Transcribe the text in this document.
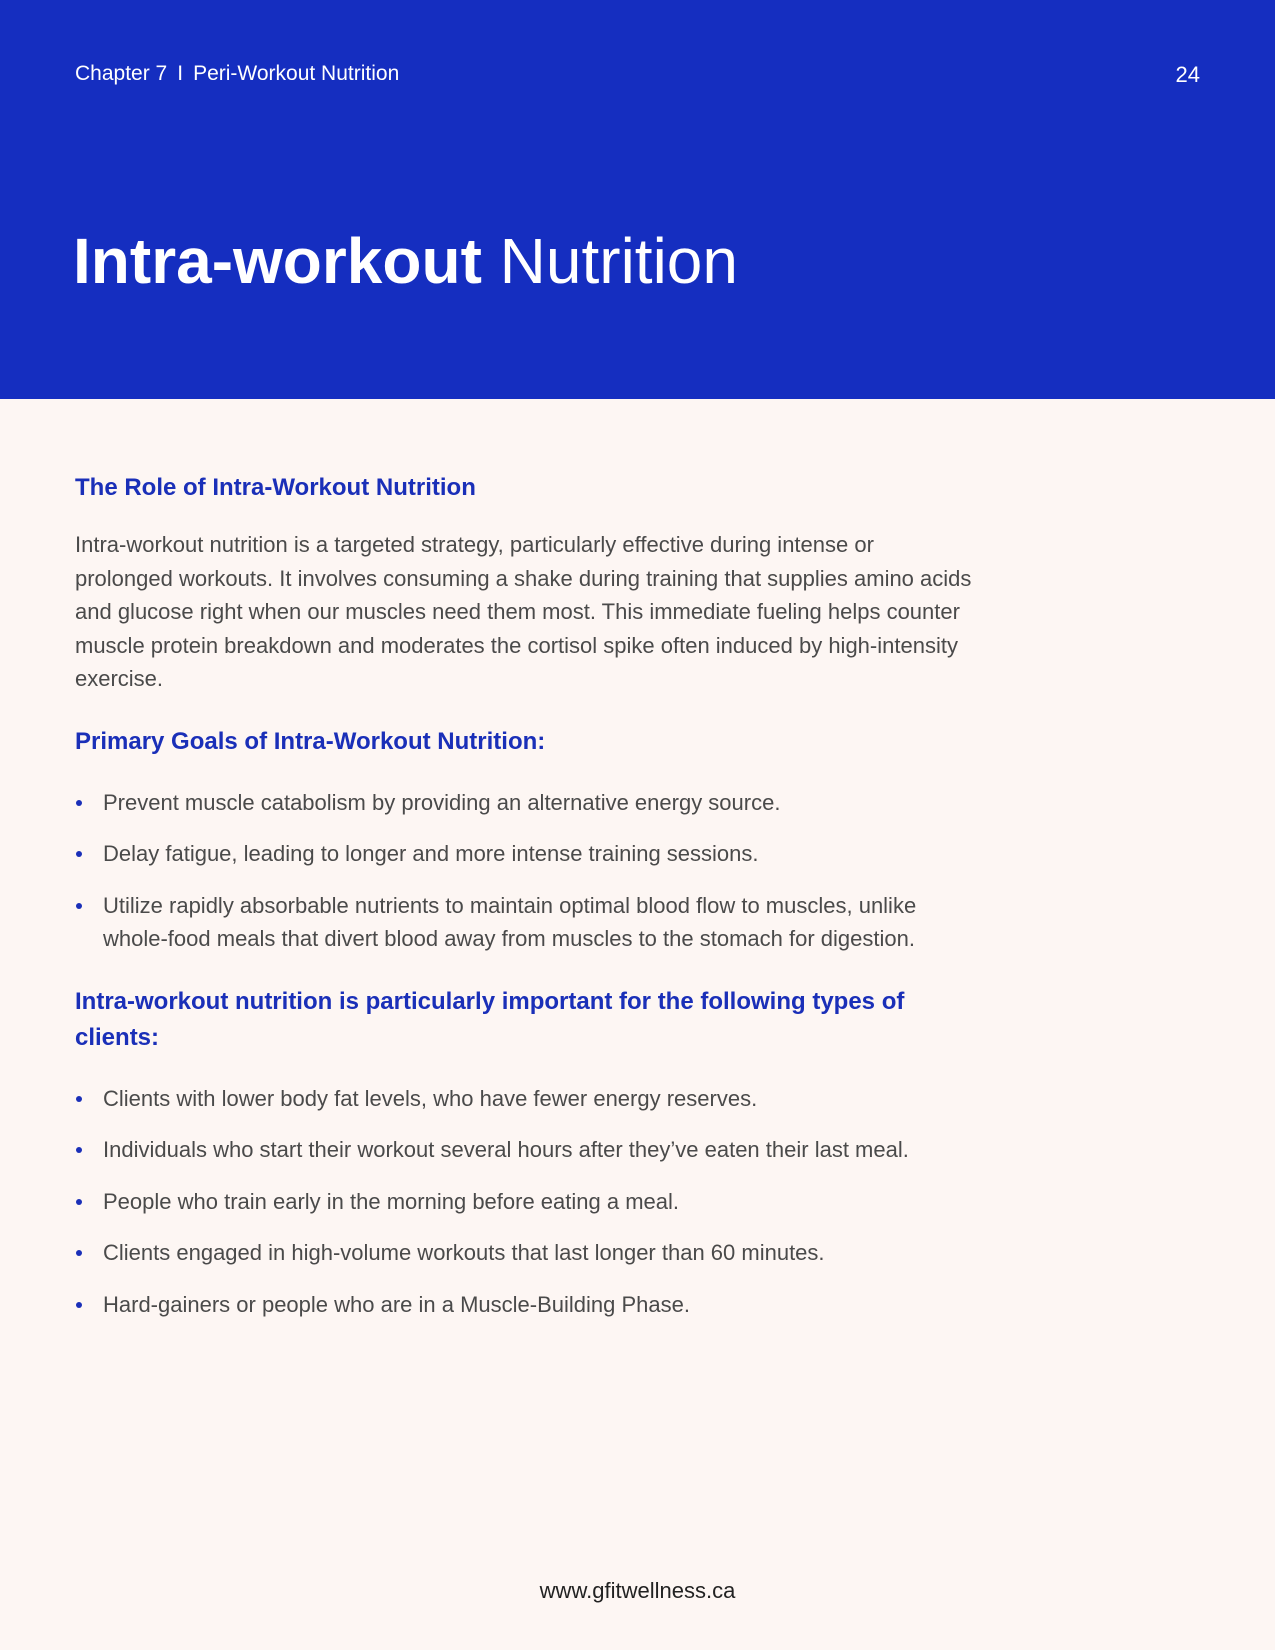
Chapter 7 I Peri-Workout Nutrition	24
Intra-workout Nutrition
The Role of Intra-Workout Nutrition

Intra-workout nutrition is a targeted strategy, particularly effective during intense or prolonged workouts. It involves consuming a shake during training that supplies amino acids and glucose right when our muscles need them most. This immediate fueling helps counter muscle protein breakdown and moderates the cortisol spike often induced by high-intensity exercise.

Primary Goals of Intra-Workout Nutrition:
Prevent muscle catabolism by providing an alternative energy source.
Delay fatigue, leading to longer and more intense training sessions.
Utilize rapidly absorbable nutrients to maintain optimal blood flow to muscles, unlike whole-food meals that divert blood away from muscles to the stomach for digestion.
Intra-workout nutrition is particularly important for the following types of clients:
Clients with lower body fat levels, who have fewer energy reserves.
Individuals who start their workout several hours after they’ve eaten their last meal.
People who train early in the morning before eating a meal.
Clients engaged in high-volume workouts that last longer than 60 minutes.
Hard-gainers or people who are in a Muscle-Building Phase.
www.gfitwellness.ca
